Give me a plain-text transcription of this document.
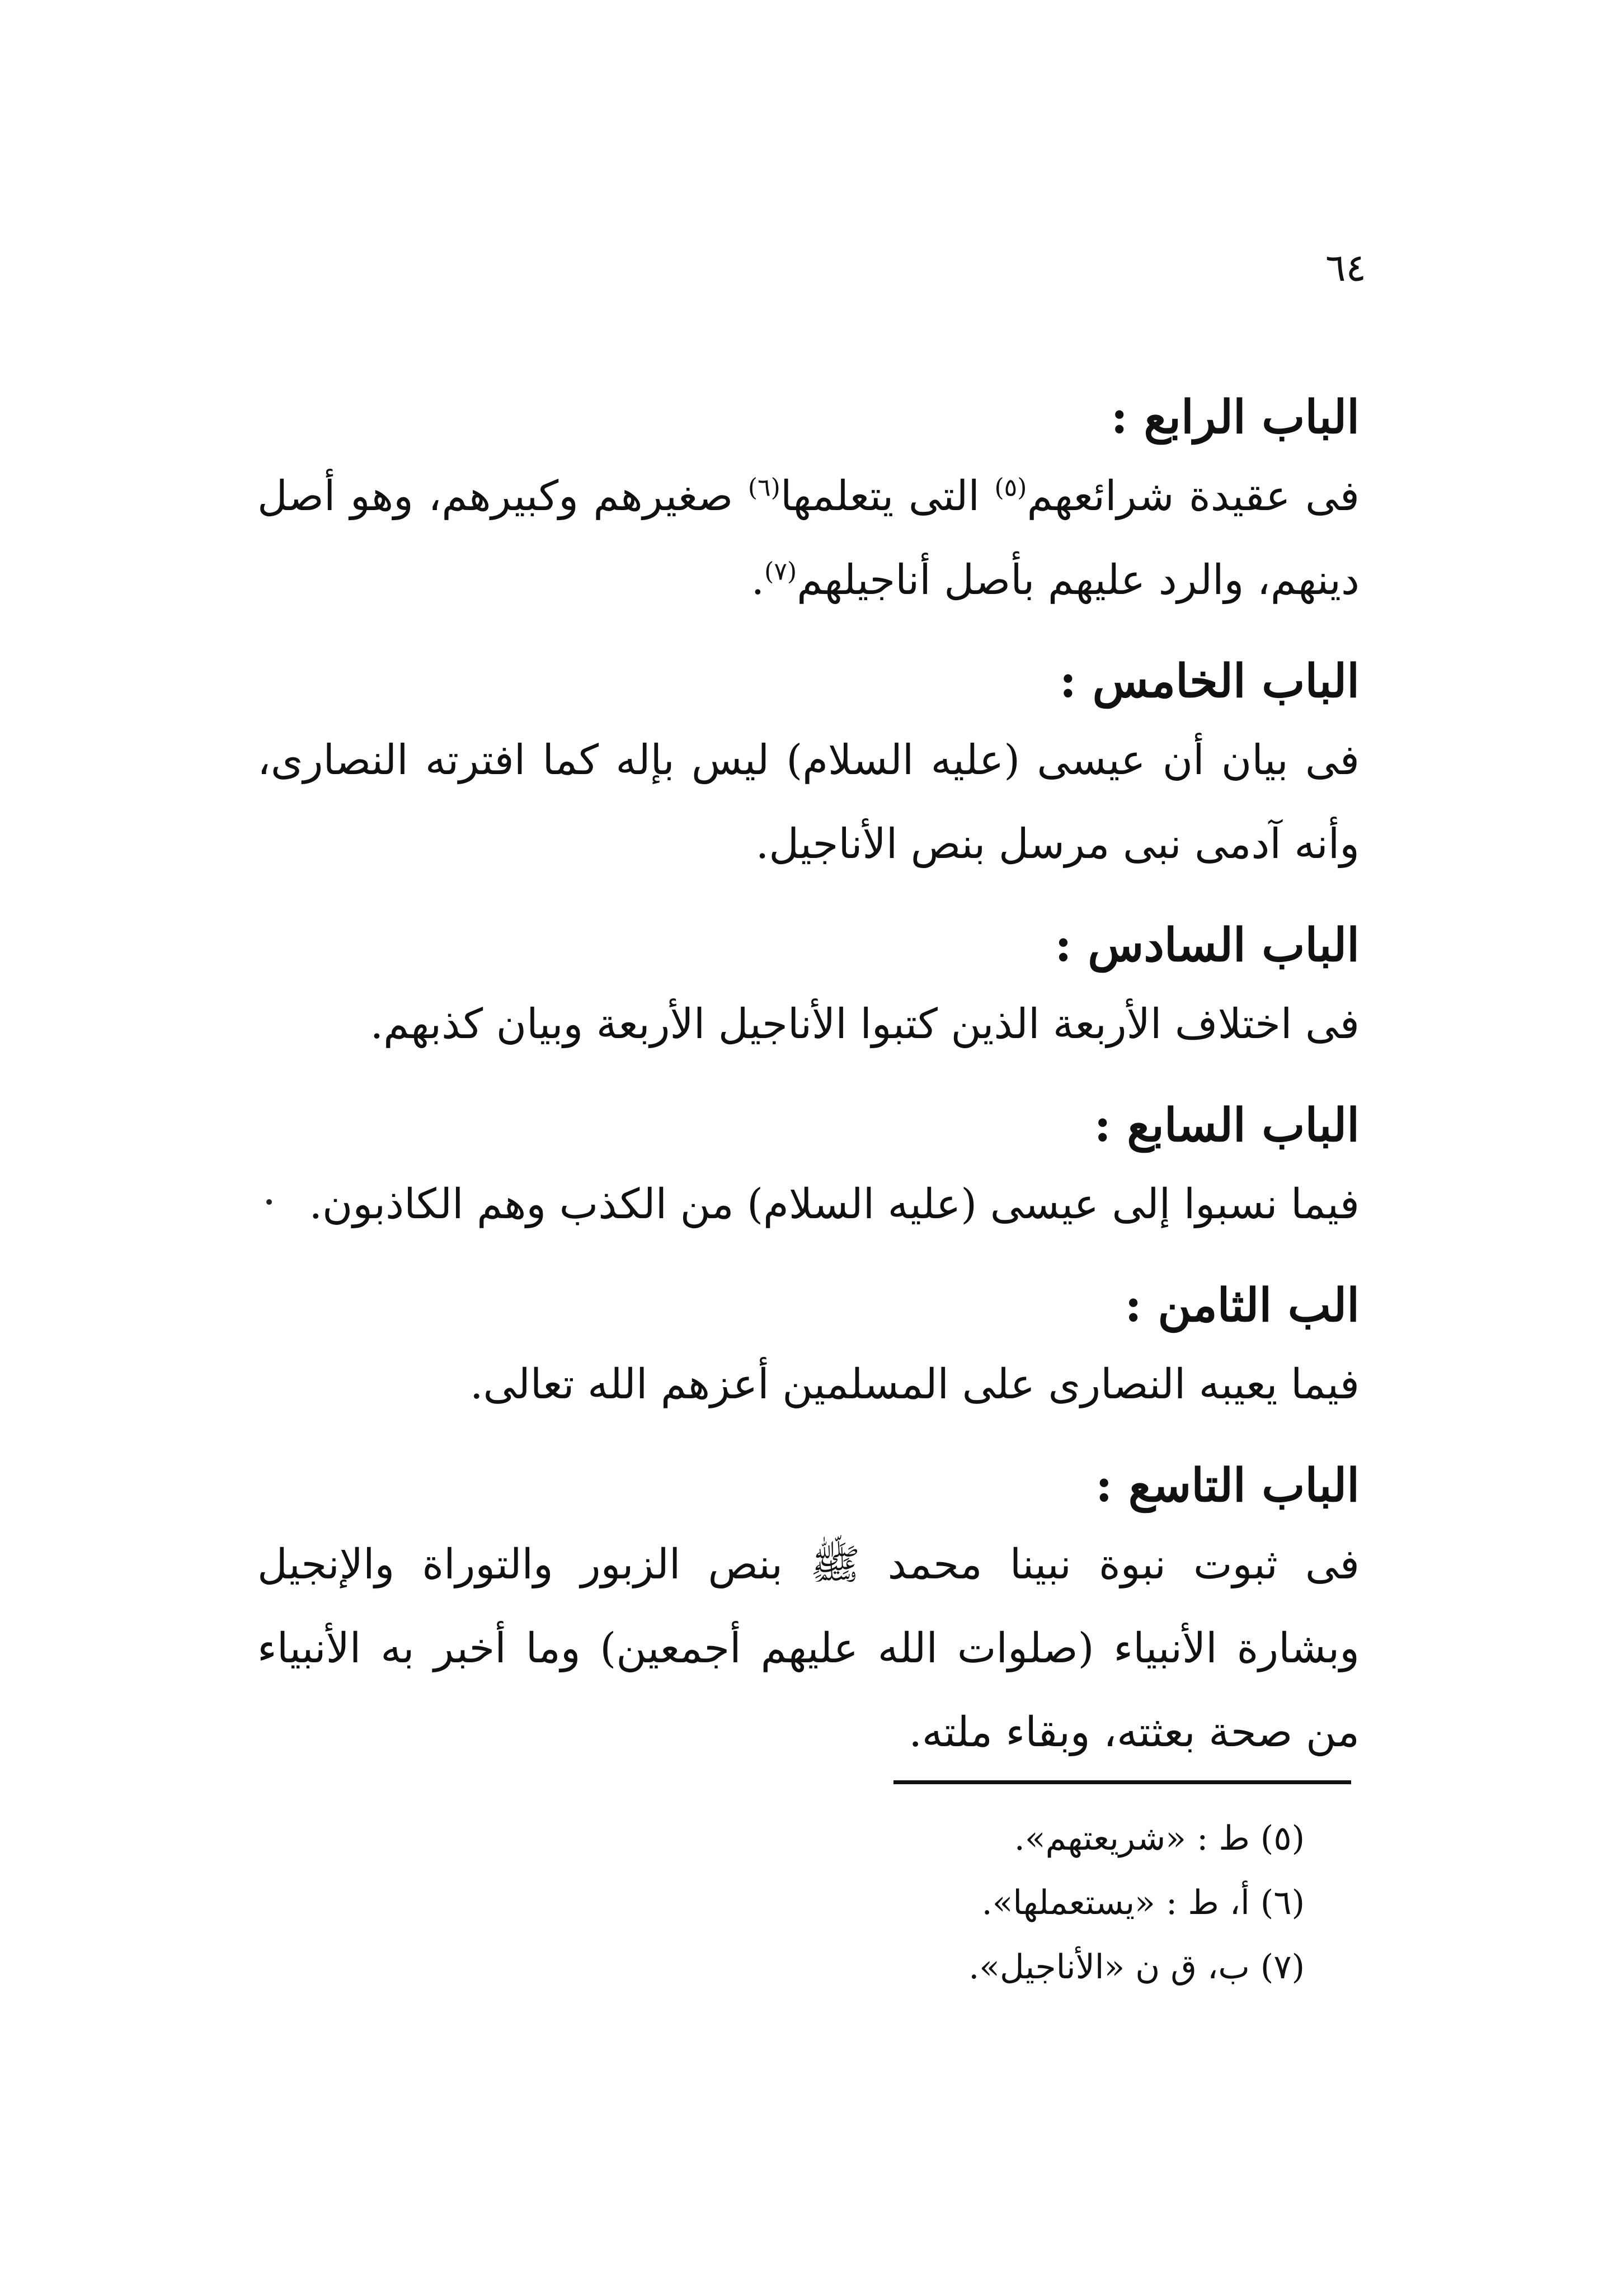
٦٤

الباب الرابع :

فى عقيدة شرائعهم$^{(٥)}$ التى يتعلمها$^{(٦)}$ صغيرهم وكبيرهم، وهو أصل دينهم، والرد عليهم بأصل أناجيلهم$^{(٧)}$.

الباب الخامس :

فى بيان أن عيسى (عليه السلام) ليس بإله كما افترته النصارى، وأنه آدمى نبى مرسل بنص الأناجيل.

الباب السادس :

فى اختلاف الأربعة الذين كتبوا الأناجيل الأربعة وبيان كذبهم.

الباب السابع :

فيما نسبوا إلى عيسى (عليه السلام) من الكذب وهم الكاذبون.

الب الثامن :

فيما يعيبه النصارى على المسلمين أعزهم الله تعالى.

الباب التاسع :

فى ثبوت نبوة نبينا محمد ﷺ بنص الزبور والتوراة والإنجيل وبشارة الأنبياء (صلوات الله عليهم أجمعين) وما أخبر به الأنبياء من صحة بعثته، وبقاء ملته.

(٥) ط : «شريعتهم».

(٦) أ، ط : «يستعملها».

(٧) ب، ق ن «الأناجيل».
